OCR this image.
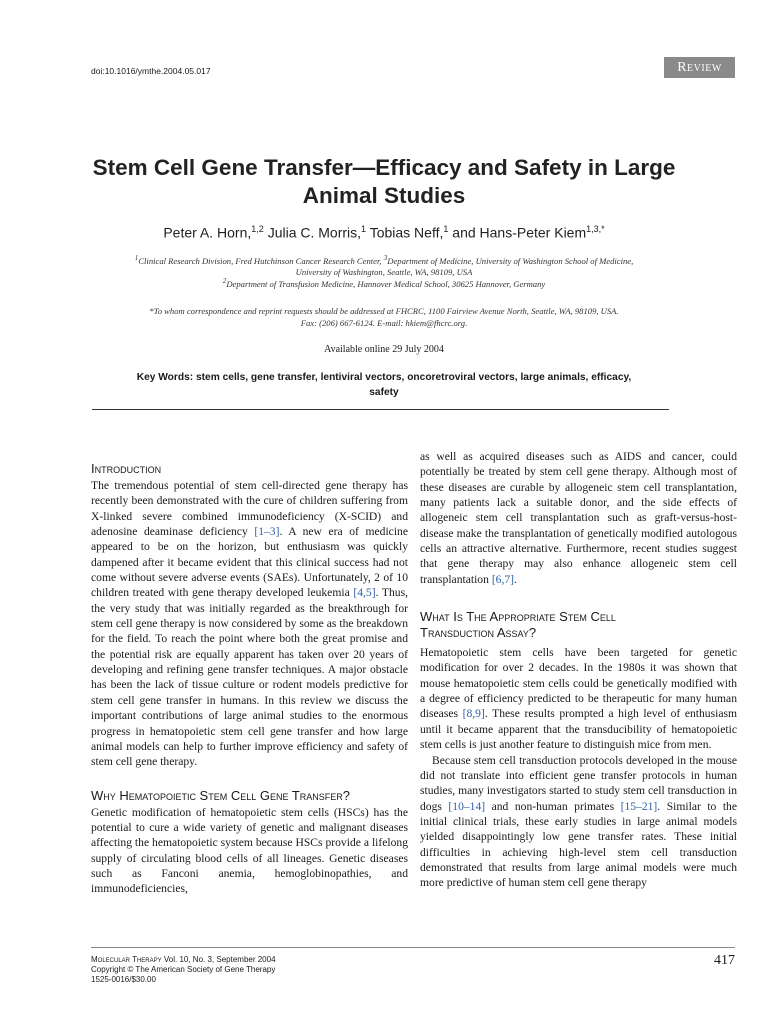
doi:10.1016/ymthe.2004.05.017	Review
Stem Cell Gene Transfer—Efficacy and Safety in Large Animal Studies
Peter A. Horn,$^{1,2}$ Julia C. Morris,$^1$ Tobias Neff,$^1$ and Hans-Peter Kiem$^{1,3,*}$
$^1$Clinical Research Division, Fred Hutchinson Cancer Research Center, $^3$Department of Medicine, University of Washington School of Medicine,
University of Washington, Seattle, WA, 98109, USA
$^2$Department of Transfusion Medicine, Hannover Medical School, 30625 Hannover, Germany
*To whom correspondence and reprint requests should be addressed at FHCRC, 1100 Fairview Avenue North, Seattle, WA, 98109, USA.
Fax: (206) 667-6124. E-mail: hkiem@fhcrc.org.
Available online 29 July 2004
Key Words: stem cells, gene transfer, lentiviral vectors, oncoretroviral vectors, large animals, efficacy, safety
Introduction

The tremendous potential of stem cell-directed gene therapy has recently been demonstrated with the cure of children suffering from X-linked severe combined immunodeficiency (X-SCID) and adenosine deaminase deficiency [1–3]. A new era of medicine appeared to be on the horizon, but enthusiasm was quickly dampened after it became evident that this clinical success had not come without severe adverse events (SAEs). Unfortunately, 2 of 10 children treated with gene therapy developed leukemia [4,5]. Thus, the very study that was initially regarded as the breakthrough for stem cell gene therapy is now considered by some as the breakdown for the field. To reach the point where both the great promise and the potential risk are equally apparent has taken over 20 years of developing and refining gene transfer techniques. A major obstacle has been the lack of tissue culture or rodent models predictive for stem cell gene transfer in humans. In this review we discuss the important contributions of large animal studies to the enormous progress in hematopoietic stem cell gene transfer and how large animal models can help to further improve efficiency and safety of stem cell gene therapy.

Why Hematopoietic Stem Cell Gene Transfer?

Genetic modification of hematopoietic stem cells (HSCs) has the potential to cure a wide variety of genetic and malignant diseases affecting the hematopoietic system because HSCs provide a lifelong supply of circulating blood cells of all lineages. Genetic diseases such as Fanconi anemia, hemoglobinopathies, and immunodeficiencies,

as well as acquired diseases such as AIDS and cancer, could potentially be treated by stem cell gene therapy. Although most of these diseases are curable by allogeneic stem cell transplantation, many patients lack a suitable donor, and the side effects of allogeneic stem cell transplantation such as graft-versus-host-disease make the transplantation of genetically modified autologous cells an attractive alternative. Furthermore, recent studies suggest that gene therapy may also enhance allogeneic stem cell transplantation [6,7].

What Is The Appropriate Stem Cell
Transduction Assay?

Hematopoietic stem cells have been targeted for genetic modification for over 2 decades. In the 1980s it was shown that mouse hematopoietic stem cells could be genetically modified with a degree of efficiency predicted to be therapeutic for many human diseases [8,9]. These results prompted a high level of enthusiasm until it became apparent that the transducibility of hematopoietic stem cells is just another feature to distinguish mice from men.

Because stem cell transduction protocols developed in the mouse did not translate into efficient gene transfer protocols in human studies, many investigators started to study stem cell transduction in dogs [10–14] and non-human primates [15–21]. Similar to the initial clinical trials, these early studies in large animal models yielded disappointingly low gene transfer rates. These initial difficulties in achieving high-level stem cell transduction demonstrated that results from large animal models were much more predictive of human stem cell gene therapy

Molecular Therapy Vol. 10, No. 3, September 2004
Copyright © The American Society of Gene Therapy
1525-0016/$30.00
417
